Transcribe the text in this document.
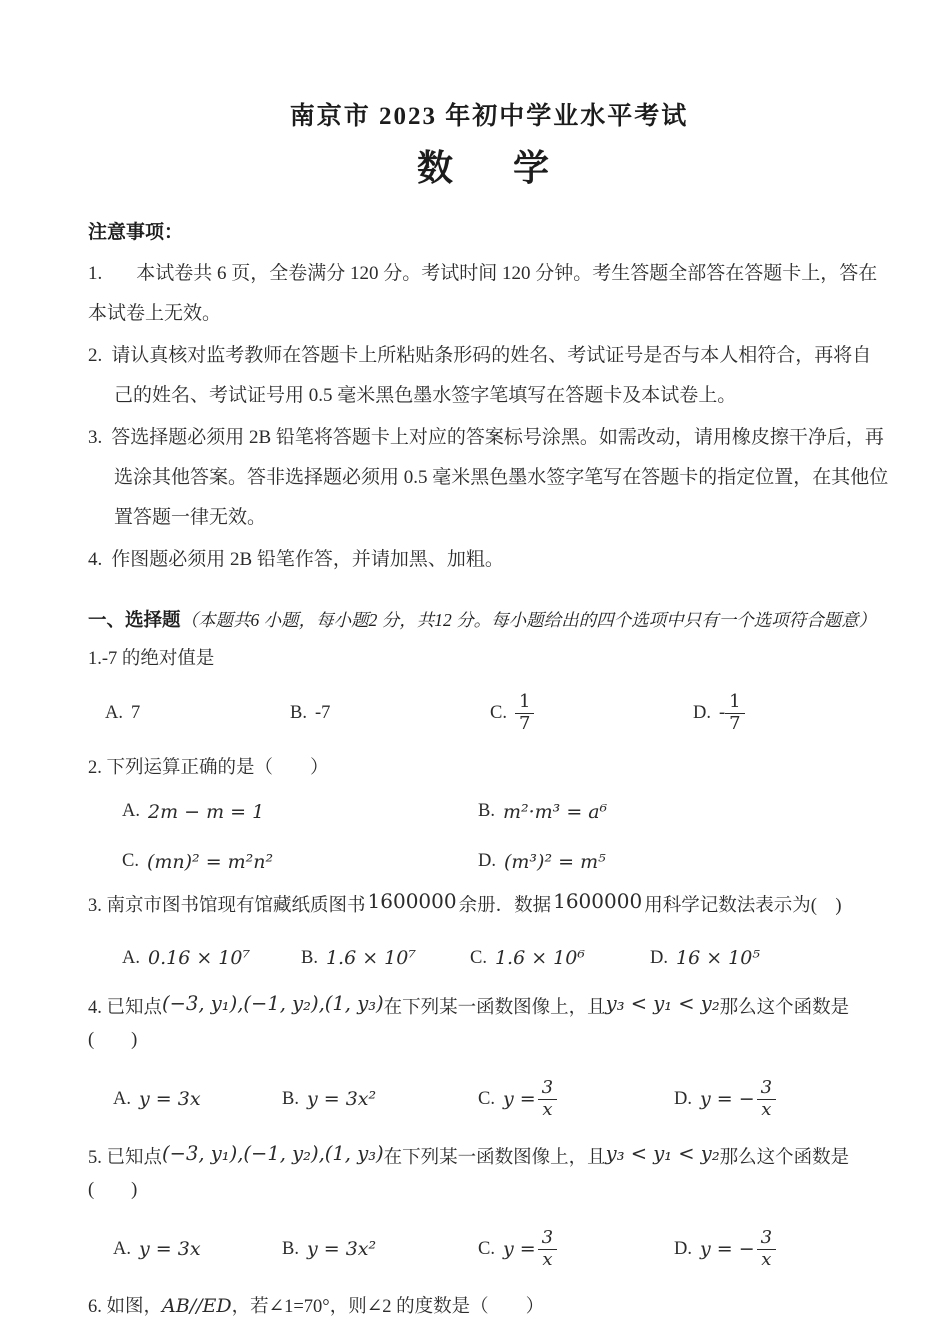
南京市 2023 年初中学业水平考试
数　学

注意事项：

1. 本试卷共 6 页，全卷满分 120 分。考试时间 120 分钟。考生答题全部答在答题卡上，答在本试卷上无效。

2. 请认真核对监考教师在答题卡上所粘贴条形码的姓名、考试证号是否与本人相符合，再将自己的姓名、考试证号用 0.5 毫米黑色墨水签字笔填写在答题卡及本试卷上。

3. 答选择题必须用 2B 铅笔将答题卡上对应的答案标号涂黑。如需改动，请用橡皮擦干净后，再选涂其他答案。答非选择题必须用 0.5 毫米黑色墨水签字笔写在答题卡的指定位置，在其他位置答题一律无效。

4. 作图题必须用 2B 铅笔作答，并请加黑、加粗。

一、选择题（本题共6 小题，每小题2 分，共12 分。每小题给出的四个选项中只有一个选项符合题意）

1.-7 的绝对值是

A. 7	B. -7	C. $\frac{1}{7}$	D. - $\frac{1}{7}$

2. 下列运算正确的是（　　）

A. 2m − m = 1	B. m²·m³ = a⁶
C. (mn)² = m²n²	D. (m³)² = m⁵

3. 南京市图书馆现有馆藏纸质图书 1600000 余册．数据 1600000 用科学记数法表示为(　)

A. 0.16 × 10⁷	B. 1.6 × 10⁷	C. 1.6 × 10⁶	D. 16 × 10⁵

4. 已知点(−3, y₁),(−1, y₂),(1, y₃)在下列某一函数图像上，且y₃ < y₁ < y₂那么这个函数是(　　)

A. y = 3x	B. y = 3x²	C. $y = \frac{3}{x}$	D. y = − $\frac{3}{x}$

5. 已知点(−3, y₁),(−1, y₂),(1, y₃)在下列某一函数图像上，且y₃ < y₁ < y₂那么这个函数是(　　)

A. y = 3x	B. y = 3x²	C. $y = \frac{3}{x}$	D. y = − $\frac{3}{x}$

6. 如图，AB//ED，若∠1=70°，则∠2 的度数是（　　）
